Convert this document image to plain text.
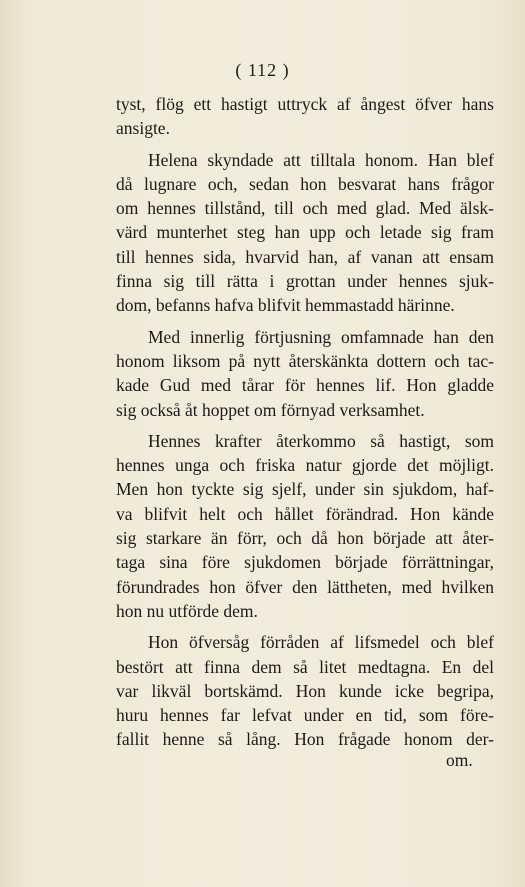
( 112 )

tyst, flög ett hastigt uttryck af ångest öfver hans
ansigte.
Helena skyndade att tilltala honom. Han blef
då lugnare och, sedan hon besvarat hans frågor
om hennes tillstånd, till och med glad. Med älsk-
värd munterhet steg han upp och letade sig fram
till hennes sida, hvarvid han, af vanan att ensam
finna sig till rätta i grottan under hennes sjuk-
dom, befanns hafva blifvit hemmastadd härinne.
Med innerlig förtjusning omfamnade han den
honom liksom på nytt återskänkta dottern och tac-
kade Gud med tårar för hennes lif. Hon gladde
sig också åt hoppet om förnyad verksamhet.
Hennes krafter återkommo så hastigt, som
hennes unga och friska natur gjorde det möjligt.
Men hon tyckte sig sjelf, under sin sjukdom, haf-
va blifvit helt och hållet förändrad. Hon kände
sig starkare än förr, och då hon började att åter-
taga sina före sjukdomen började förrättningar,
förundrades hon öfver den lättheten, med hvilken
hon nu utförde dem.
Hon öfversåg förråden af lifsmedel och blef
bestört att finna dem så litet medtagna. En del
var likväl bortskämd. Hon kunde icke begripa,
huru hennes far lefvat under en tid, som före-
fallit henne så lång. Hon frågade honom der-

om.
